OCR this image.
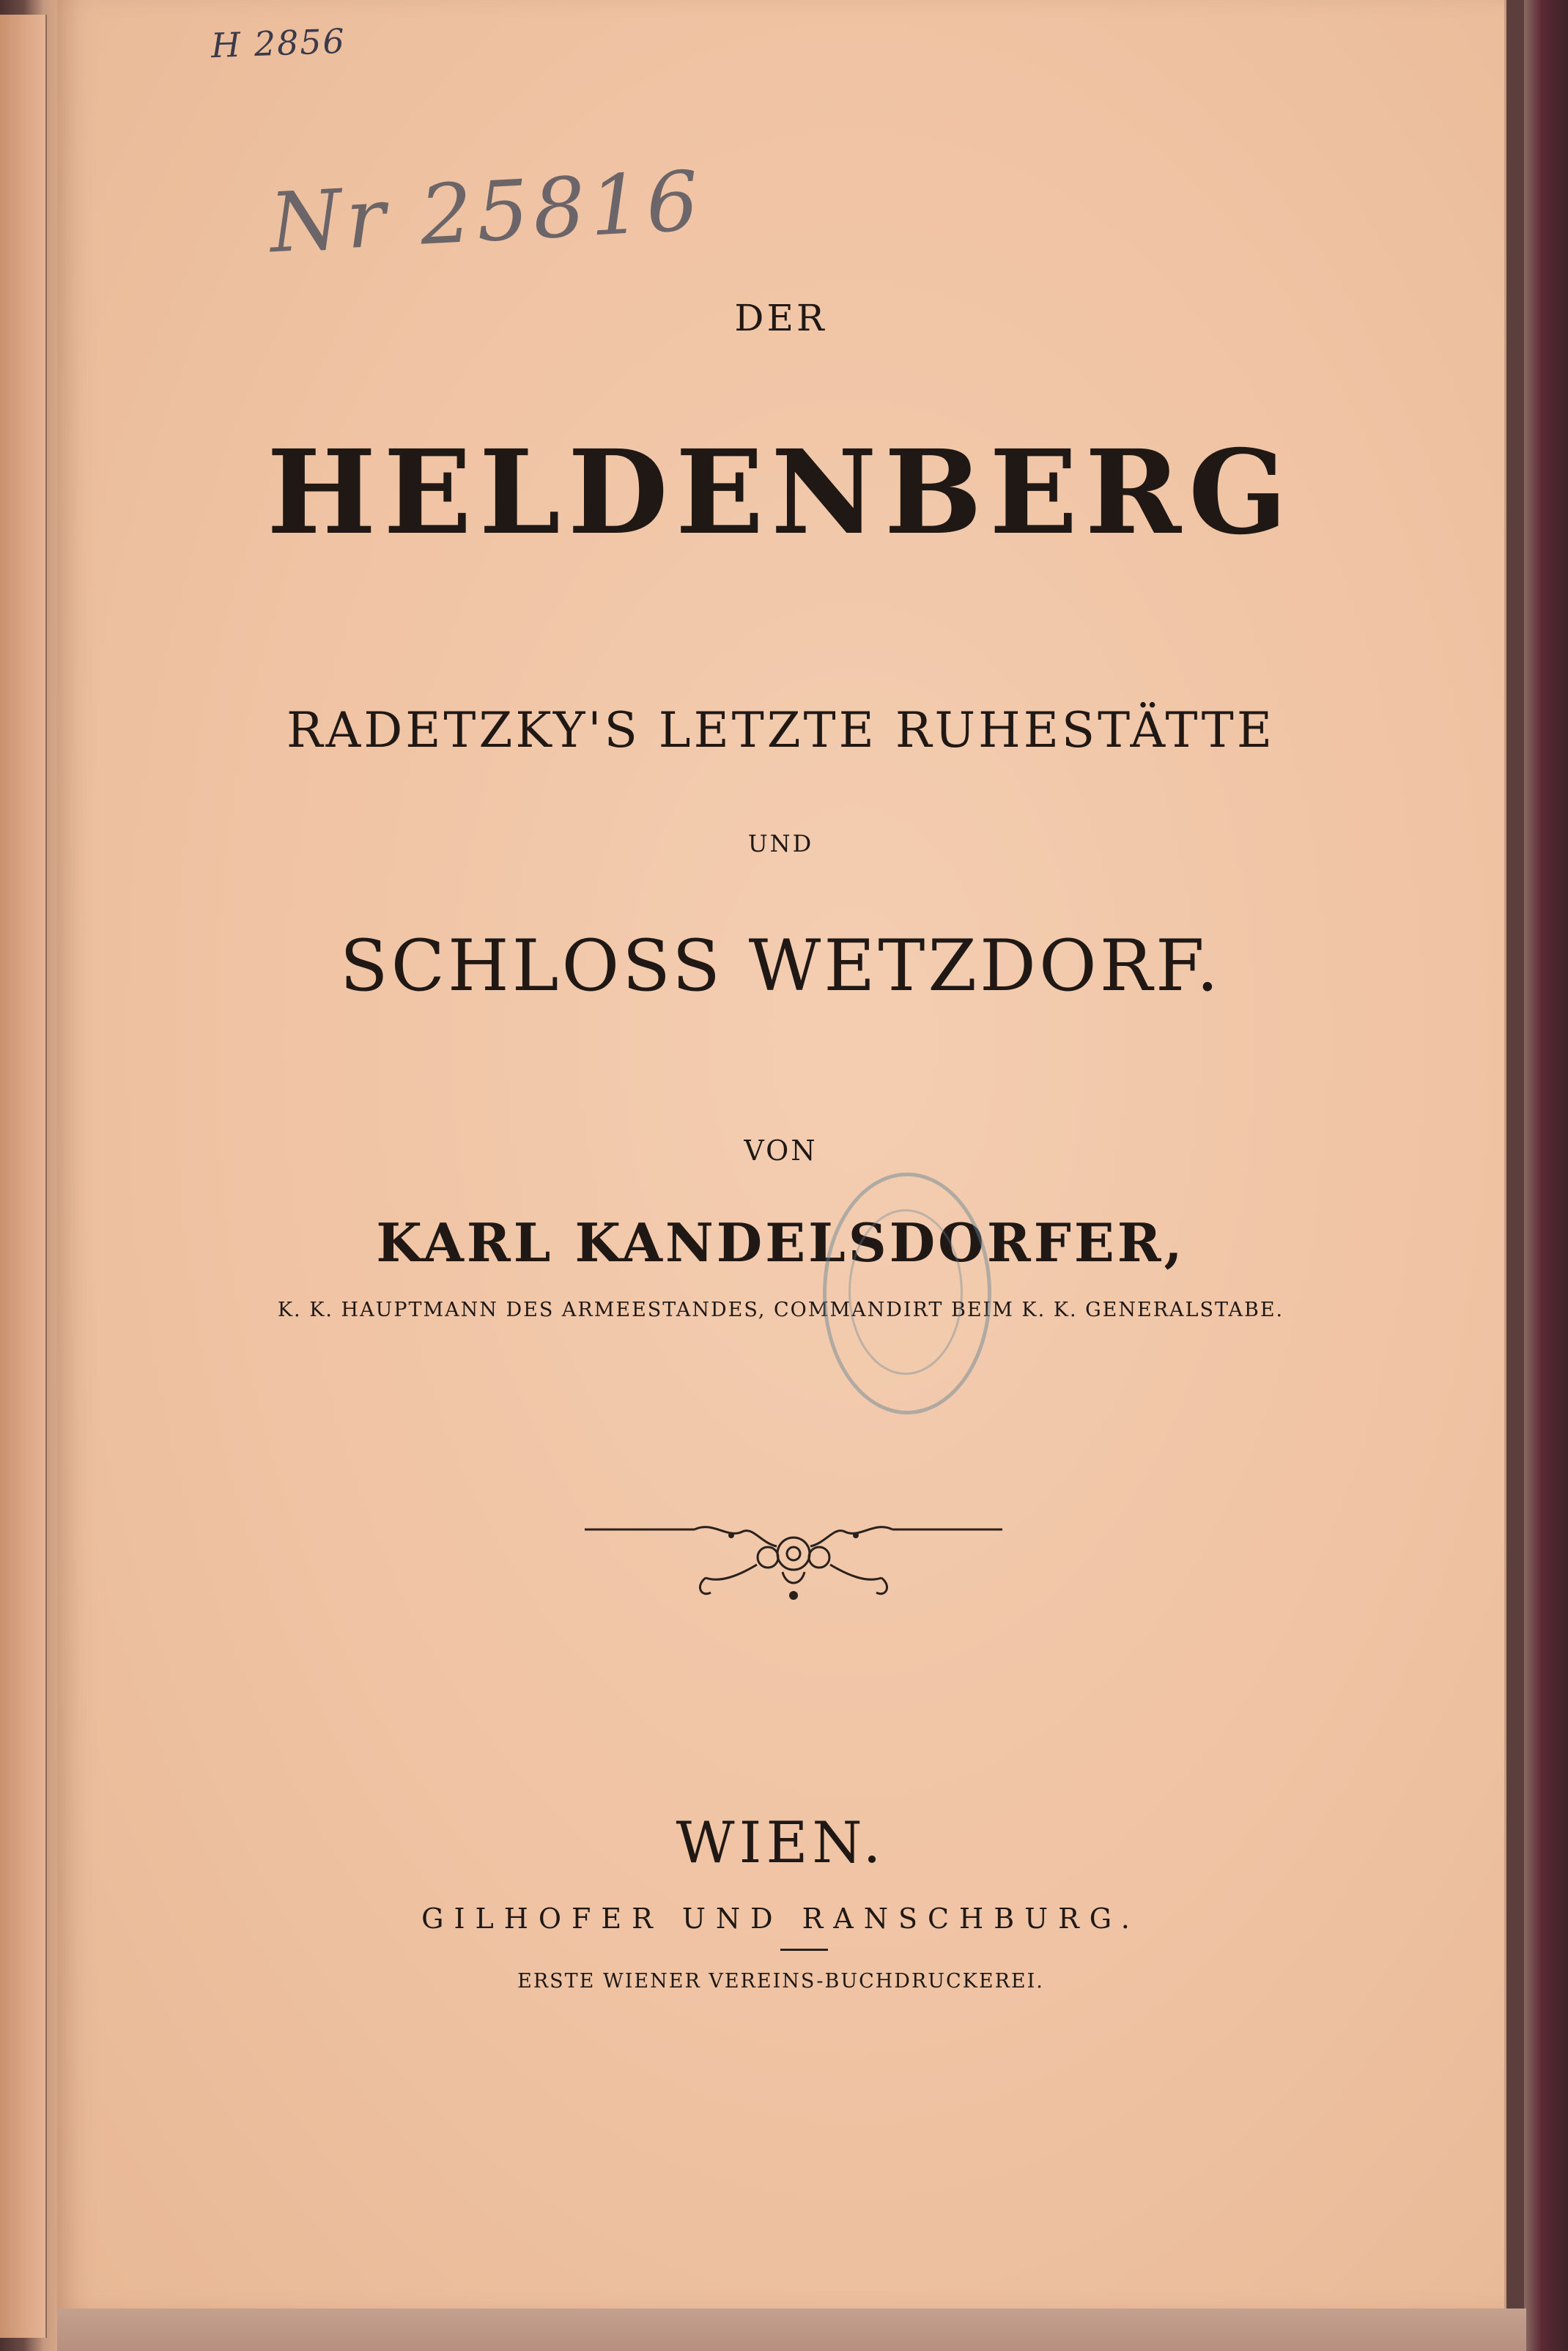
H 2856
Nr 25816
DER
HELDENBERG
RADETZKY'S LETZTE RUHESTÄTTE
UND
SCHLOSS WETZDORF.
VON
KARL KANDELSDORFER,
K. K. HAUPTMANN DES ARMEESTANDES, COMMANDIRT BEIM K. K. GENERALSTABE.
WIEN.
GILHOFER UND RANSCHBURG.
ERSTE WIENER VEREINS-BUCHDRUCKEREI.
